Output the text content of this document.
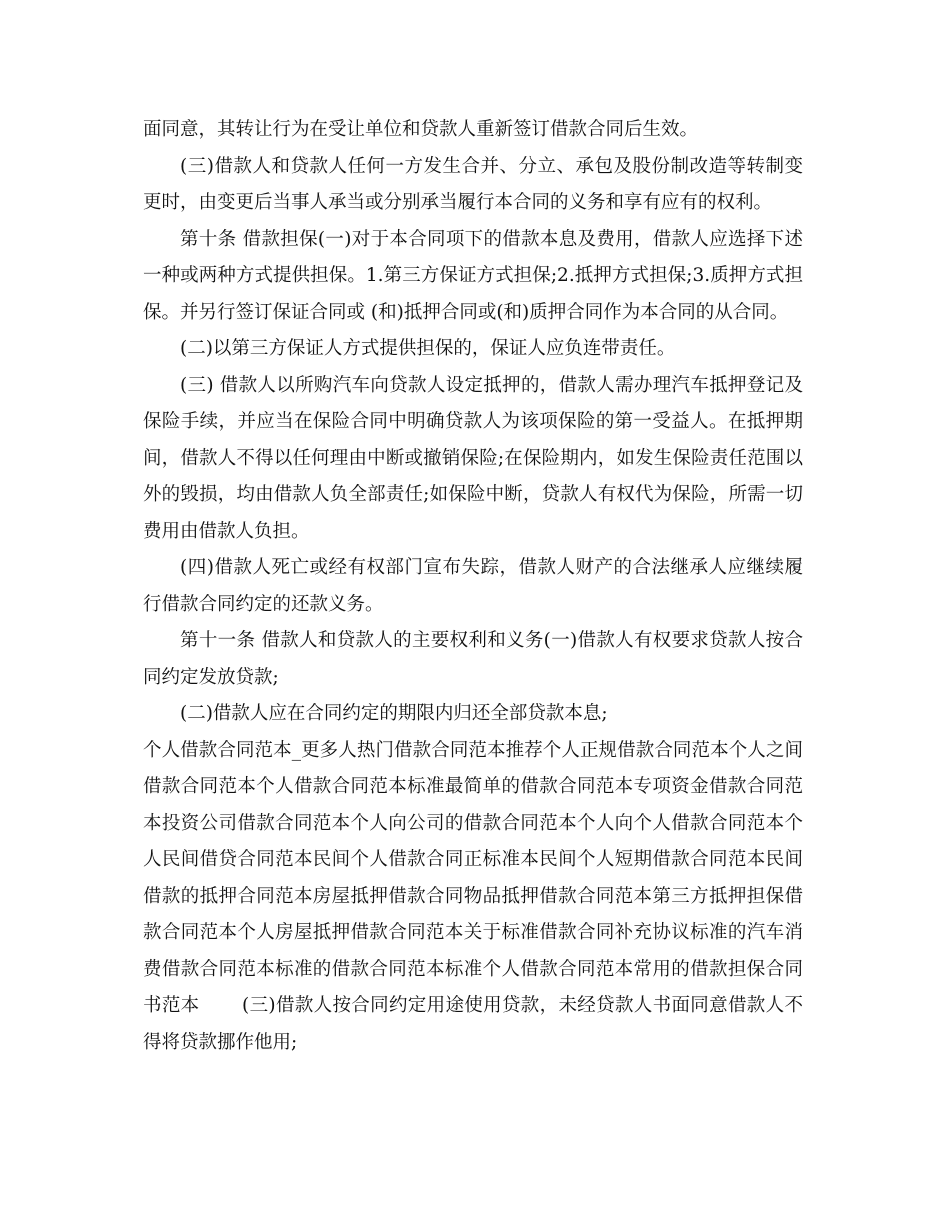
面同意，其转让行为在受让单位和贷款人重新签订借款合同后生效。

(三)借款人和贷款人任何一方发生合并、分立、承包及股份制改造等转制变更时，由变更后当事人承当或分别承当履行本合同的义务和享有应有的权利。

第十条 借款担保(一)对于本合同项下的借款本息及费用，借款人应选择下述一种或两种方式提供担保。1.第三方保证方式担保;2.抵押方式担保;3.质押方式担保。并另行签订保证合同或 (和)抵押合同或(和)质押合同作为本合同的从合同。

(二)以第三方保证人方式提供担保的，保证人应负连带责任。

(三) 借款人以所购汽车向贷款人设定抵押的，借款人需办理汽车抵押登记及保险手续，并应当在保险合同中明确贷款人为该项保险的第一受益人。在抵押期间，借款人不得以任何理由中断或撤销保险;在保险期内，如发生保险责任范围以外的毁损，均由借款人负全部责任;如保险中断，贷款人有权代为保险，所需一切费用由借款人负担。

(四)借款人死亡或经有权部门宣布失踪，借款人财产的合法继承人应继续履行借款合同约定的还款义务。

第十一条 借款人和贷款人的主要权利和义务(一)借款人有权要求贷款人按合同约定发放贷款;

(二)借款人应在合同约定的期限内归还全部贷款本息;

个人借款合同范本_更多人热门借款合同范本推荐个人正规借款合同范本个人之间借款合同范本个人借款合同范本标准最简单的借款合同范本专项资金借款合同范本投资公司借款合同范本个人向公司的借款合同范本个人向个人借款合同范本个人民间借贷合同范本民间个人借款合同正标准本民间个人短期借款合同范本民间借款的抵押合同范本房屋抵押借款合同物品抵押借款合同范本第三方抵押担保借款合同范本个人房屋抵押借款合同范本关于标准借款合同补充协议标准的汽车消费借款合同范本标准的借款合同范本标准个人借款合同范本常用的借款担保合同书范本 (三)借款人按合同约定用途使用贷款，未经贷款人书面同意借款人不得将贷款挪作他用;
